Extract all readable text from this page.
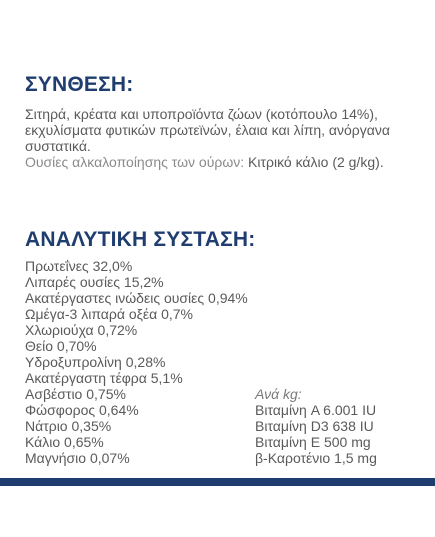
ΣΥΝΘΕΣΗ:

Σιτηρά, κρέατα και υποπροϊόντα ζώων (κοτόπουλο 14%), εκχυλίσματα φυτικών πρωτεϊνών, έλαια και λίπη, ανόργανα συστατικά.

Ουσίες αλκαλοποίησης των ούρων: Κιτρικό κάλιο (2 g/kg).

ΑΝΑΛΥΤΙΚΗ ΣΥΣΤΑΣΗ:
Πρωτεΐνες 32,0%
Λιπαρές ουσίες 15,2%
Ακατέργαστες ινώδεις ουσίες 0,94%
Ωμέγα-3 λιπαρά οξέα 0,7%
Χλωριούχα 0,72%
Θείο 0,70%
Υδροξυπρολίνη 0,28%
Ακατέργαστη τέφρα 5,1%
Ασβέστιο 0,75%
Φώσφορος 0,64%
Νάτριο 0,35%
Κάλιο 0,65%
Μαγνήσιο 0,07%
Ανά kg:
Βιταμίνη A 6.001 IU
Βιταμίνη D3 638 IU
Βιταμίνη E 500 mg
β-Καροτένιο 1,5 mg
